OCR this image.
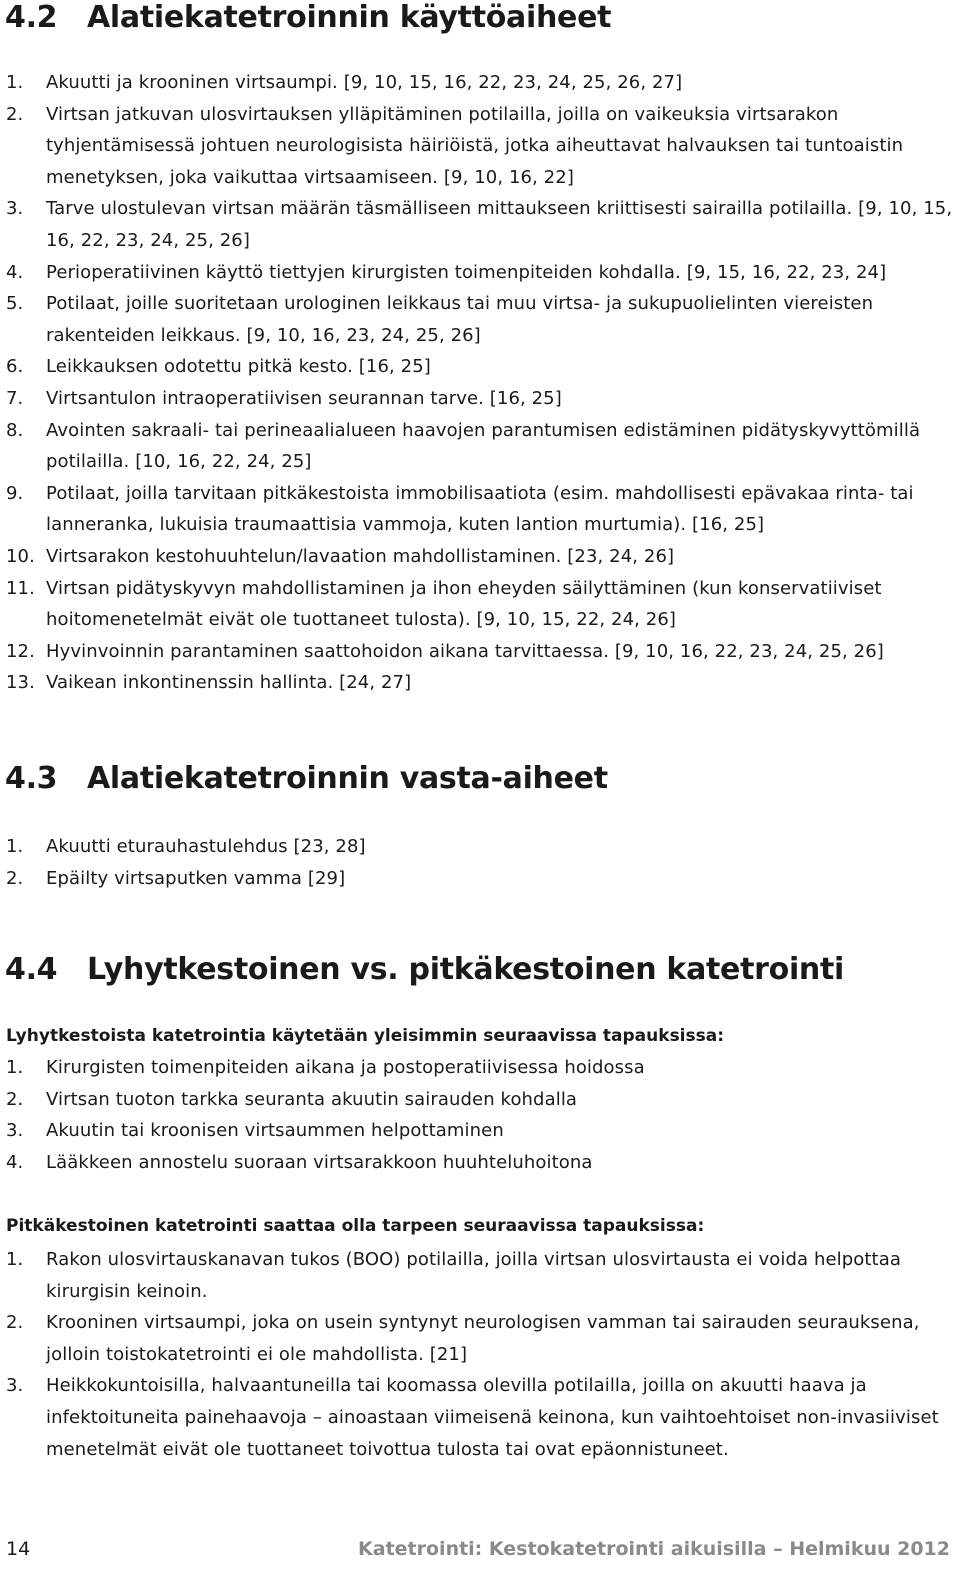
4.2 Alatiekatetroinnin käyttöaiheet
1. Akuutti ja krooninen virtsaumpi. [9, 10, 15, 16, 22, 23, 24, 25, 26, 27]
2. Virtsan jatkuvan ulosvirtauksen ylläpitäminen potilailla, joilla on vaikeuksia virtsarakon tyhjentämisessä johtuen neurologisista häiriöistä, jotka aiheuttavat halvauksen tai tuntoaistin menetyksen, joka vaikuttaa virtsaamiseen. [9, 10, 16, 22]
3. Tarve ulostulevan virtsan määrän täsmälliseen mittaukseen kriittisesti sairailla potilailla. [9, 10, 15, 16, 22, 23, 24, 25, 26]
4. Perioperatiivinen käyttö tiettyjen kirurgisten toimenpiteiden kohdalla. [9, 15, 16, 22, 23, 24]
5. Potilaat, joille suoritetaan urologinen leikkaus tai muu virtsa- ja sukupuolielinten viereisten rakenteiden leikkaus. [9, 10, 16, 23, 24, 25, 26]
6. Leikkauksen odotettu pitkä kesto. [16, 25]
7. Virtsantulon intraoperatiivisen seurannan tarve. [16, 25]
8. Avointen sakraali- tai perineaalialueen haavojen parantumisen edistäminen pidätyskyvyttömillä potilailla. [10, 16, 22, 24, 25]
9. Potilaat, joilla tarvitaan pitkäkestoista immobilisaatiota (esim. mahdollisesti epävakaa rinta- tai lanneranka, lukuisia traumaattisia vammoja, kuten lantion murtumia). [16, 25]
10. Virtsarakon kestohuuhtelun/lavaation mahdollistaminen. [23, 24, 26]
11. Virtsan pidätyskyvyn mahdollistaminen ja ihon eheyden säilyttäminen (kun konservatiiviset hoitomenetelmät eivät ole tuottaneet tulosta). [9, 10, 15, 22, 24, 26]
12. Hyvinvoinnin parantaminen saattohoidon aikana tarvittaessa. [9, 10, 16, 22, 23, 24, 25, 26]
13. Vaikean inkontinenssin hallinta. [24, 27]
4.3 Alatiekatetroinnin vasta-aiheet
1. Akuutti eturauhastulehdus [23, 28]
2. Epäilty virtsaputken vamma [29]
4.4 Lyhytkestoinen vs. pitkäkestoinen katetrointi
Lyhytkestoista katetrointia käytetään yleisimmin seuraavissa tapauksissa:
1. Kirurgisten toimenpiteiden aikana ja postoperatiivisessa hoidossa
2. Virtsan tuoton tarkka seuranta akuutin sairauden kohdalla
3. Akuutin tai kroonisen virtsaummen helpottaminen
4. Lääkkeen annostelu suoraan virtsarakkoon huuhteluhoitona
Pitkäkestoinen katetrointi saattaa olla tarpeen seuraavissa tapauksissa:
1. Rakon ulosvirtauskanavan tukos (BOO) potilailla, joilla virtsan ulosvirtausta ei voida helpottaa kirurgisin keinoin.
2. Krooninen virtsaumpi, joka on usein syntynyt neurologisen vamman tai sairauden seurauksena, jolloin toistokatetrointi ei ole mahdollista. [21]
3. Heikkokuntoisilla, halvaantuneilla tai koomassa olevilla potilailla, joilla on akuutti haava ja infektoituneita painehaavoja – ainoastaan viimeisenä keinona, kun vaihtoehtoiset non-invasiiviset menetelmät eivät ole tuottaneet toivottua tulosta tai ovat epäonnistuneet.
14	Katetrointi: Kestokatetrointi aikuisilla – Helmikuu 2012
